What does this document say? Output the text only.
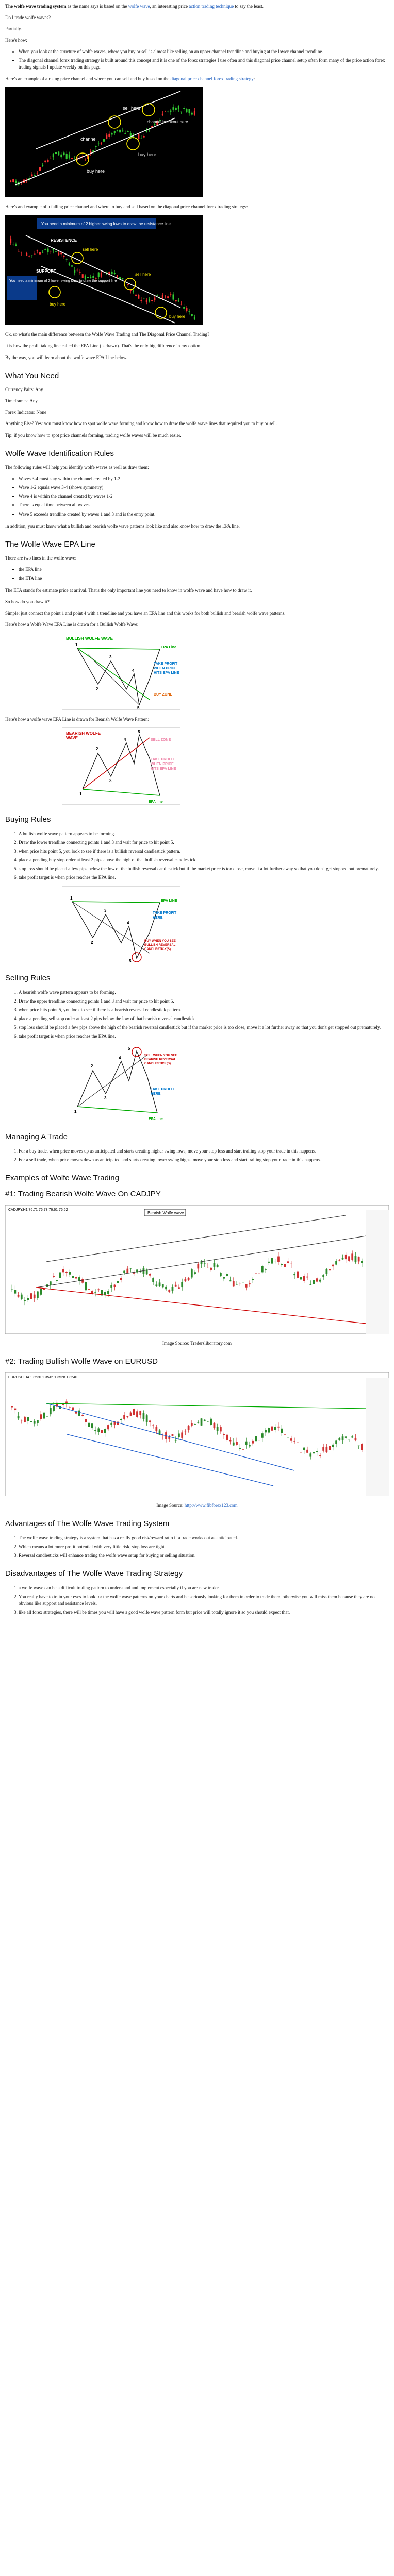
The wolfe wave trading system as the name says is based on the wolfe wave, an interesting price action trading technique to say the least.

Do I trade wolfe waves?

Partially.

Here's how:

• When you look at the structure of wolfe waves, where you buy or sell is almost like selling on an upper channel trendline and buying at the lower channel trendline.
• The diagonal channel forex trading strategy is built around this concept and it is one of the forex strategies I use often and this diagonal price channel setup often form many of the price action forex trading signals I update weekly on this page.

Here's an example of a rising price channel and where you can sell and buy based on the diagonal price channel forex trading strategy:

sell here
channel breakout here
channel
buy here
buy here

Here's and example of a falling price channel and where to buy and sell based on the diagonal price channel forex trading strategy:

You need a minimum of 2 higher swing lows to draw the resistance line
RESISTENCE
SUPPORT
You need a minimum of 2 lower swing lows to draw the support line
sell here
sell here
buy here
buy here

Ok, so what's the main difference between the Wolfe Wave Trading and The Diagonal Price Channel Trading?

It is how the profit taking line called the EPA Line (is drawn). That's the only big difference in my option.

By the way, you will learn about the wolfe wave EPA Line below.

What You Need

Currency Pairs: Any

Timeframes: Any

Forex Indicator: None

Anything Else? Yes: you must know how to spot wolfe wave forming and know how to draw the wolfe wave lines that required you to buy or sell.

Tip: if you know how to spot price channels forming, trading wolfe waves will be much easier.

Wolfe Wave Identification Rules

The following rules will help you identify wolfe waves as well as draw them:

• Waves 3-4 must stay within the channel created by 1-2
• Wave 1-2 equals wave 3-4 (shows symmetry)
• Wave 4 is within the channel created by waves 1-2
• There is equal time between all waves
• Wave 5 exceeds trendline created by waves 1 and 3 and is the entry point.

In addition, you must know what a bullish and bearish wolfe wave patterns look like and also know how to draw the EPA line.

The Wolfe Wave EPA Line

There are two lines in the wolfe wave:

• the EPA line
• the ETA line

The ETA stands for estimate price at arrival. That's the only important line you need to know in wolfe wave and have how to draw it.

So how do you draw it?

Simple: just connect the point 1 and point 4 with a trendline and you have an EPA line and this works for both bullish and bearish wolfe wave patterns.

Here's how a Wolfe Wave EPA Line is drawn for a Bullish Wolfe Wave:

BULLISH WOLFE WAVE
EPA Line
TAKE PROFIT
WHEN PRICE
HITS EPA LINE
BUY ZONE
1
2
3
4
5

Here's how a wolfe wave EPA Line is drawn for Bearish Wolfe Wave Pattern:

BEARISH WOLFE
WAVE	SELL ZONE
TAKE PROFIT
WHEN PRICE
HITS EPA LINE
EPA line
1
2
3
4
5
Buying Rules
1. A bullish wolfe wave pattern appears to be forming.
2. Draw the lower trendline connecting points 1 and 3 and wait for price to hit point 5.
3. when price hits point 5, you look to see if there is a bullish reversal candlestick pattern.
4. place a pending buy stop order at least 2 pips above the high of that bullish reversal candlestick.
5. stop loss should be placed a few pips below the low of the bullish reversal candlestick but if the market price is too close, move it a lot further away so that you don't get stopped out prematurely.
6. take profit target is when price reaches the EPA line.
EPA LINE
TAKE PROFIT
HERE
BUY WHEN YOU SEE
BULLISH REVERSAL
CANDLESTICK(S)
1
2
3
4
5
Selling Rules
1. A bearish wolfe wave pattern appears to be forming.
2. Draw the upper trendline connecting points 1 and 3 and wait for price to hit point 5.
3. when price hits point 5, you look to see if there is a bearish reversal candlestick pattern.
4. place a pending sell stop order at least 2 pips below the low of that bearish reversal candlestick.
5. stop loss should be placed a few pips above the high of the bearish reversal candlestick but if the market price is too close, move it a lot further away so that you don't get stopped out prematurely.
6. take profit target is when price reaches the EPA line.
SELL WHEN YOU SEE
BEARISH REVERSAL
CANDLESTICK(S)
TAKE PROFIT
HERE
EPA line
1
2
3
4
5
Managing A Trade
1. For a buy trade, when price moves up as anticipated and starts creating higher swing lows, move your stop loss and start trailing stop your trade in this happens.
2. For a sell trade, when price moves down as anticipated and starts creating lower swing highs, move your stop loss and start trailing stop your trade in this happens.
Examples of Wolfe Wave Trading
#1: Trading Bearish Wolfe Wave On CADJPY
CADJPY,H1 76.71 76.73 76.61 76.62
Bearish Wolfe wave

Image Source: Tradersliboratory.com

#2: Trading Bullish Wolfe Wave on EURUSD
EURUSD,H4 1.3530 1.3545 1.3528 1.3540

Image Source: http://www.fibforex123.com

Advantages of The Wolfe Wave Trading System
1. The wolfe wave trading strategy is a system that has a really good risk/reward ratio if a trade works out as anticipated.
2. Which means a lot more profit potential with very little risk, stop loss are tight.
3. Reversal candlesticks will enhance trading the wolfe wave setup for buying or selling situation.
Disadvantages of The Wolfe Wave Trading Strategy
1. a wolfe wave can be a difficult trading pattern to understand and implement especially if you are new trader.
2. You really have to train your eyes to look for the wolfe wave patterns on your charts and be seriously looking for them in order to trade them, otherwise you will miss them because they are not obvious like support and resistance levels.
3. like all forex strategies, there will be times you will have a good wolfe wave pattern form but price will totally ignore it so you should expect that.
